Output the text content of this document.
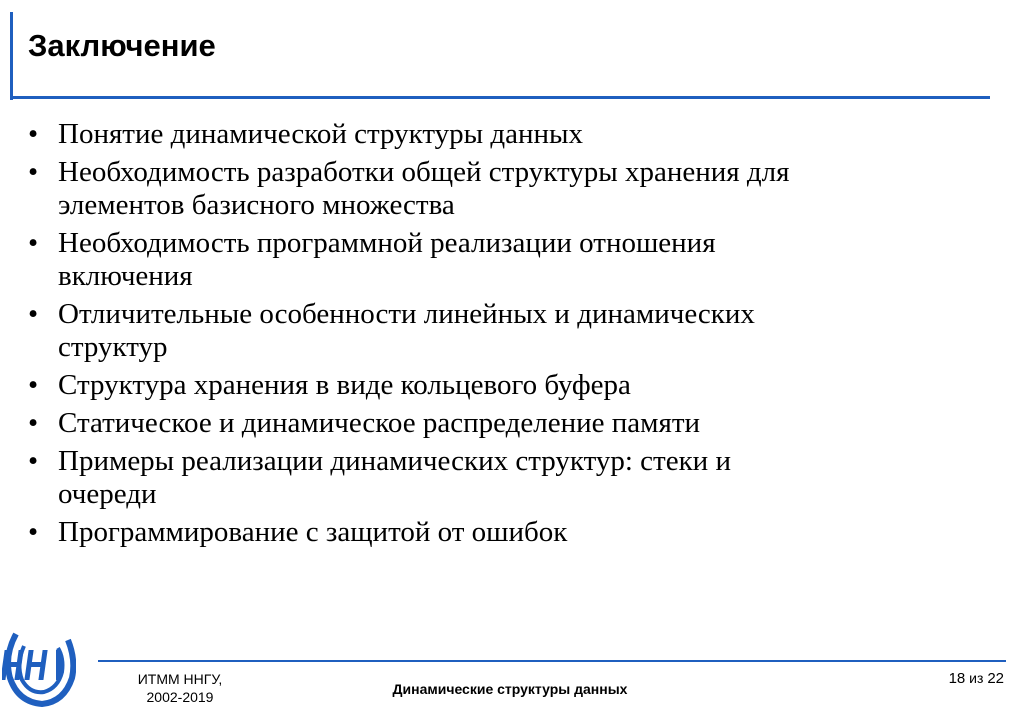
Заключение
• Понятие динамической структуры данных
• Необходимость разработки общей структуры хранения для
элементов базисного множества
• Необходимость программной реализации отношения
включения
• Отличительные особенности линейных и динамических
структур
• Структура хранения в виде кольцевого буфера
• Статическое и динамическое распределение памяти
• Примеры реализации динамических структур: стеки и
очереди
• Программирование с защитой от ошибок
ИТММ ННГУ,
2002-2019	Динамические структуры данных
18 из 22
